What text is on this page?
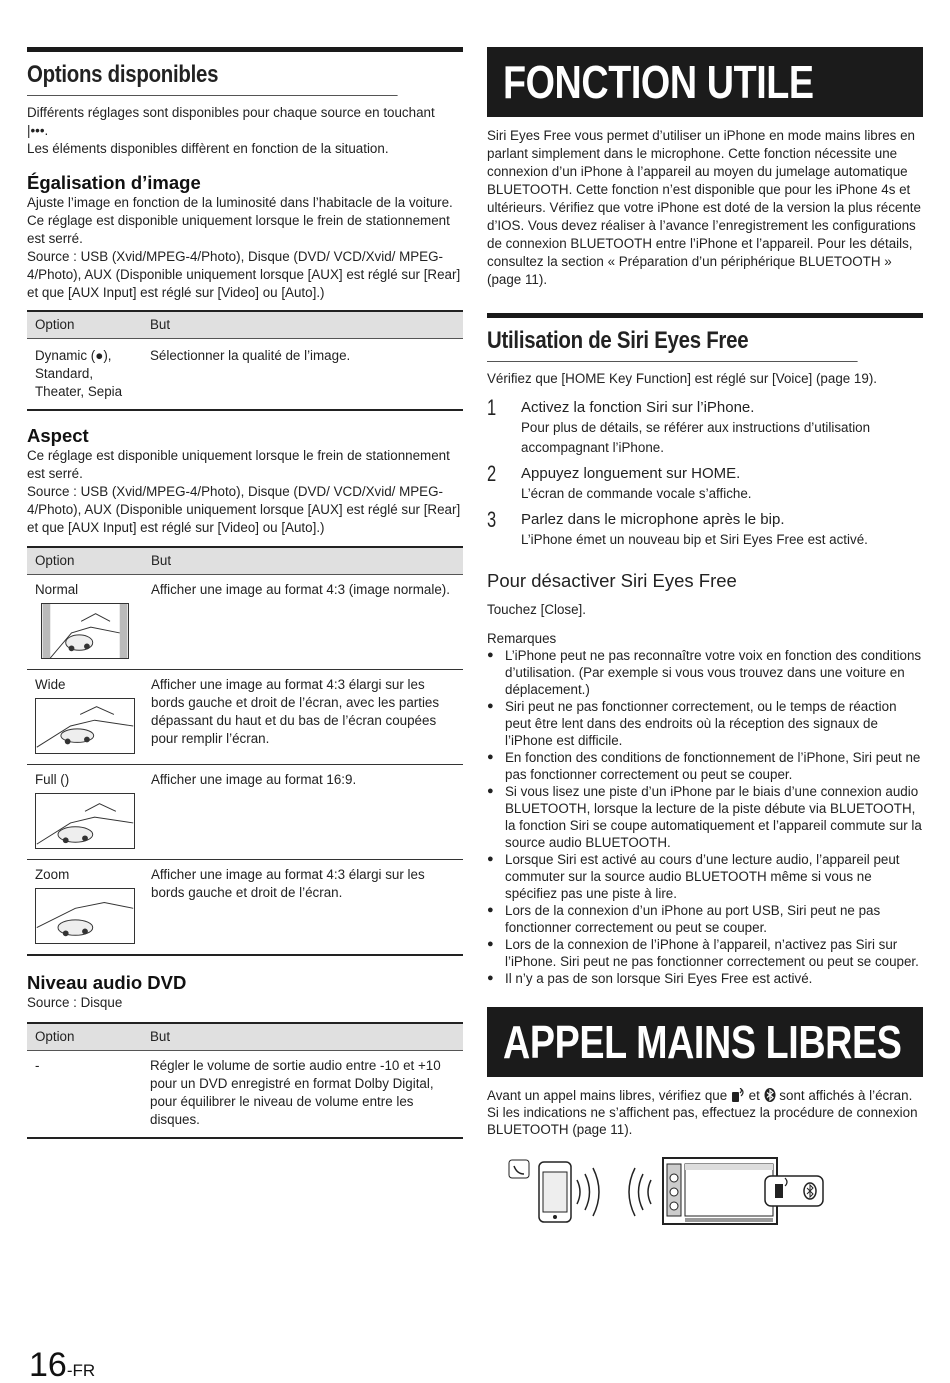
Options disponibles

Différents réglages sont disponibles pour chaque source en touchant

|•••.

Les éléments disponibles diffèrent en fonction de la situation.

Égalisation d’image

Ajuste l’image en fonction de la luminosité dans l’habitacle de la voiture. Ce réglage est disponible uniquement lorsque le frein de stationnement est serré.

Source : USB (Xvid/MPEG-4/Photo), Disque (DVD/ VCD/Xvid/ MPEG-4/Photo), AUX (Disponible uniquement lorsque [AUX] est réglé sur [Rear] et que [AUX Input] est réglé sur [Video] ou [Auto].)

Option	But
Dynamic (●), Standard, Theater, Sepia	Sélectionner la qualité de l’image.
Aspect

Ce réglage est disponible uniquement lorsque le frein de stationnement est serré.

Source : USB (Xvid/MPEG-4/Photo), Disque (DVD/ VCD/Xvid/ MPEG-4/Photo), AUX (Disponible uniquement lorsque [AUX] est réglé sur [Rear] et que [AUX Input] est réglé sur [Video] ou [Auto].)

Option	But
Normal	Afficher une image au format 4:3 (image normale).
Wide	Afficher une image au format 4:3 élargi sur les bords gauche et droit de l’écran, avec les parties dépassant du haut et du bas de l’écran coupées pour remplir l’écran.
Full ()	Afficher une image au format 16:9.
Zoom	Afficher une image au format 4:3 élargi sur les bords gauche et droit de l’écran.
Niveau audio DVD

Source : Disque

Option	But
-	Régler le volume de sortie audio entre -10 et +10 pour un DVD enregistré en format Dolby Digital, pour équilibrer le niveau de volume entre les disques.
FONCTION UTILE

Siri Eyes Free vous permet d’utiliser un iPhone en mode mains libres en parlant simplement dans le microphone. Cette fonction nécessite une connexion d’un iPhone à l’appareil au moyen du jumelage automatique BLUETOOTH. Cette fonction n’est disponible que pour les iPhone 4s et ultérieurs. Vérifiez que votre iPhone est doté de la version la plus récente d’IOS. Vous devez réaliser à l’avance l’enregistrement les configurations de connexion BLUETOOTH entre l’iPhone et l’appareil. Pour les détails, consultez la section « Préparation d’un périphérique BLUETOOTH » (page 11).

Utilisation de Siri Eyes Free

Vérifiez que [HOME Key Function] est réglé sur [Voice] (page 19).

1 Activez la fonction Siri sur l’iPhone.
Pour plus de détails, se référer aux instructions d’utilisation accompagnant l’iPhone.
2 Appuyez longuement sur HOME.
L’écran de commande vocale s’affiche.
3 Parlez dans le microphone après le bip.
L’iPhone émet un nouveau bip et Siri Eyes Free est activé.
Pour désactiver Siri Eyes Free

Touchez [Close].

Remarques

● L’iPhone peut ne pas reconnaître votre voix en fonction des conditions d’utilisation. (Par exemple si vous vous trouvez dans une voiture en déplacement.)
● Siri peut ne pas fonctionner correctement, ou le temps de réaction peut être lent dans des endroits où la réception des signaux de l’iPhone est difficile.
● En fonction des conditions de fonctionnement de l’iPhone, Siri peut ne pas fonctionner correctement ou peut se couper.
● Si vous lisez une piste d’un iPhone par le biais d’une connexion audio BLUETOOTH, lorsque la lecture de la piste débute via BLUETOOTH, la fonction Siri se coupe automatiquement et l’appareil commute sur la source audio BLUETOOTH.
● Lorsque Siri est activé au cours d’une lecture audio, l’appareil peut commuter sur la source audio BLUETOOTH même si vous ne spécifiez pas une piste à lire.
● Lors de la connexion d’un iPhone au port USB, Siri peut ne pas fonctionner correctement ou peut se couper.
● Lors de la connexion de l’iPhone à l’appareil, n’activez pas Siri sur l’iPhone. Siri peut ne pas fonctionner correctement ou peut se couper.
● Il n’y a pas de son lorsque Siri Eyes Free est activé.
APPEL MAINS LIBRES

Avant un appel mains libres, vérifiez que et sont affichés à l’écran. Si les indications ne s’affichent pas, effectuez la procédure de connexion BLUETOOTH (page 11).

16-FR
